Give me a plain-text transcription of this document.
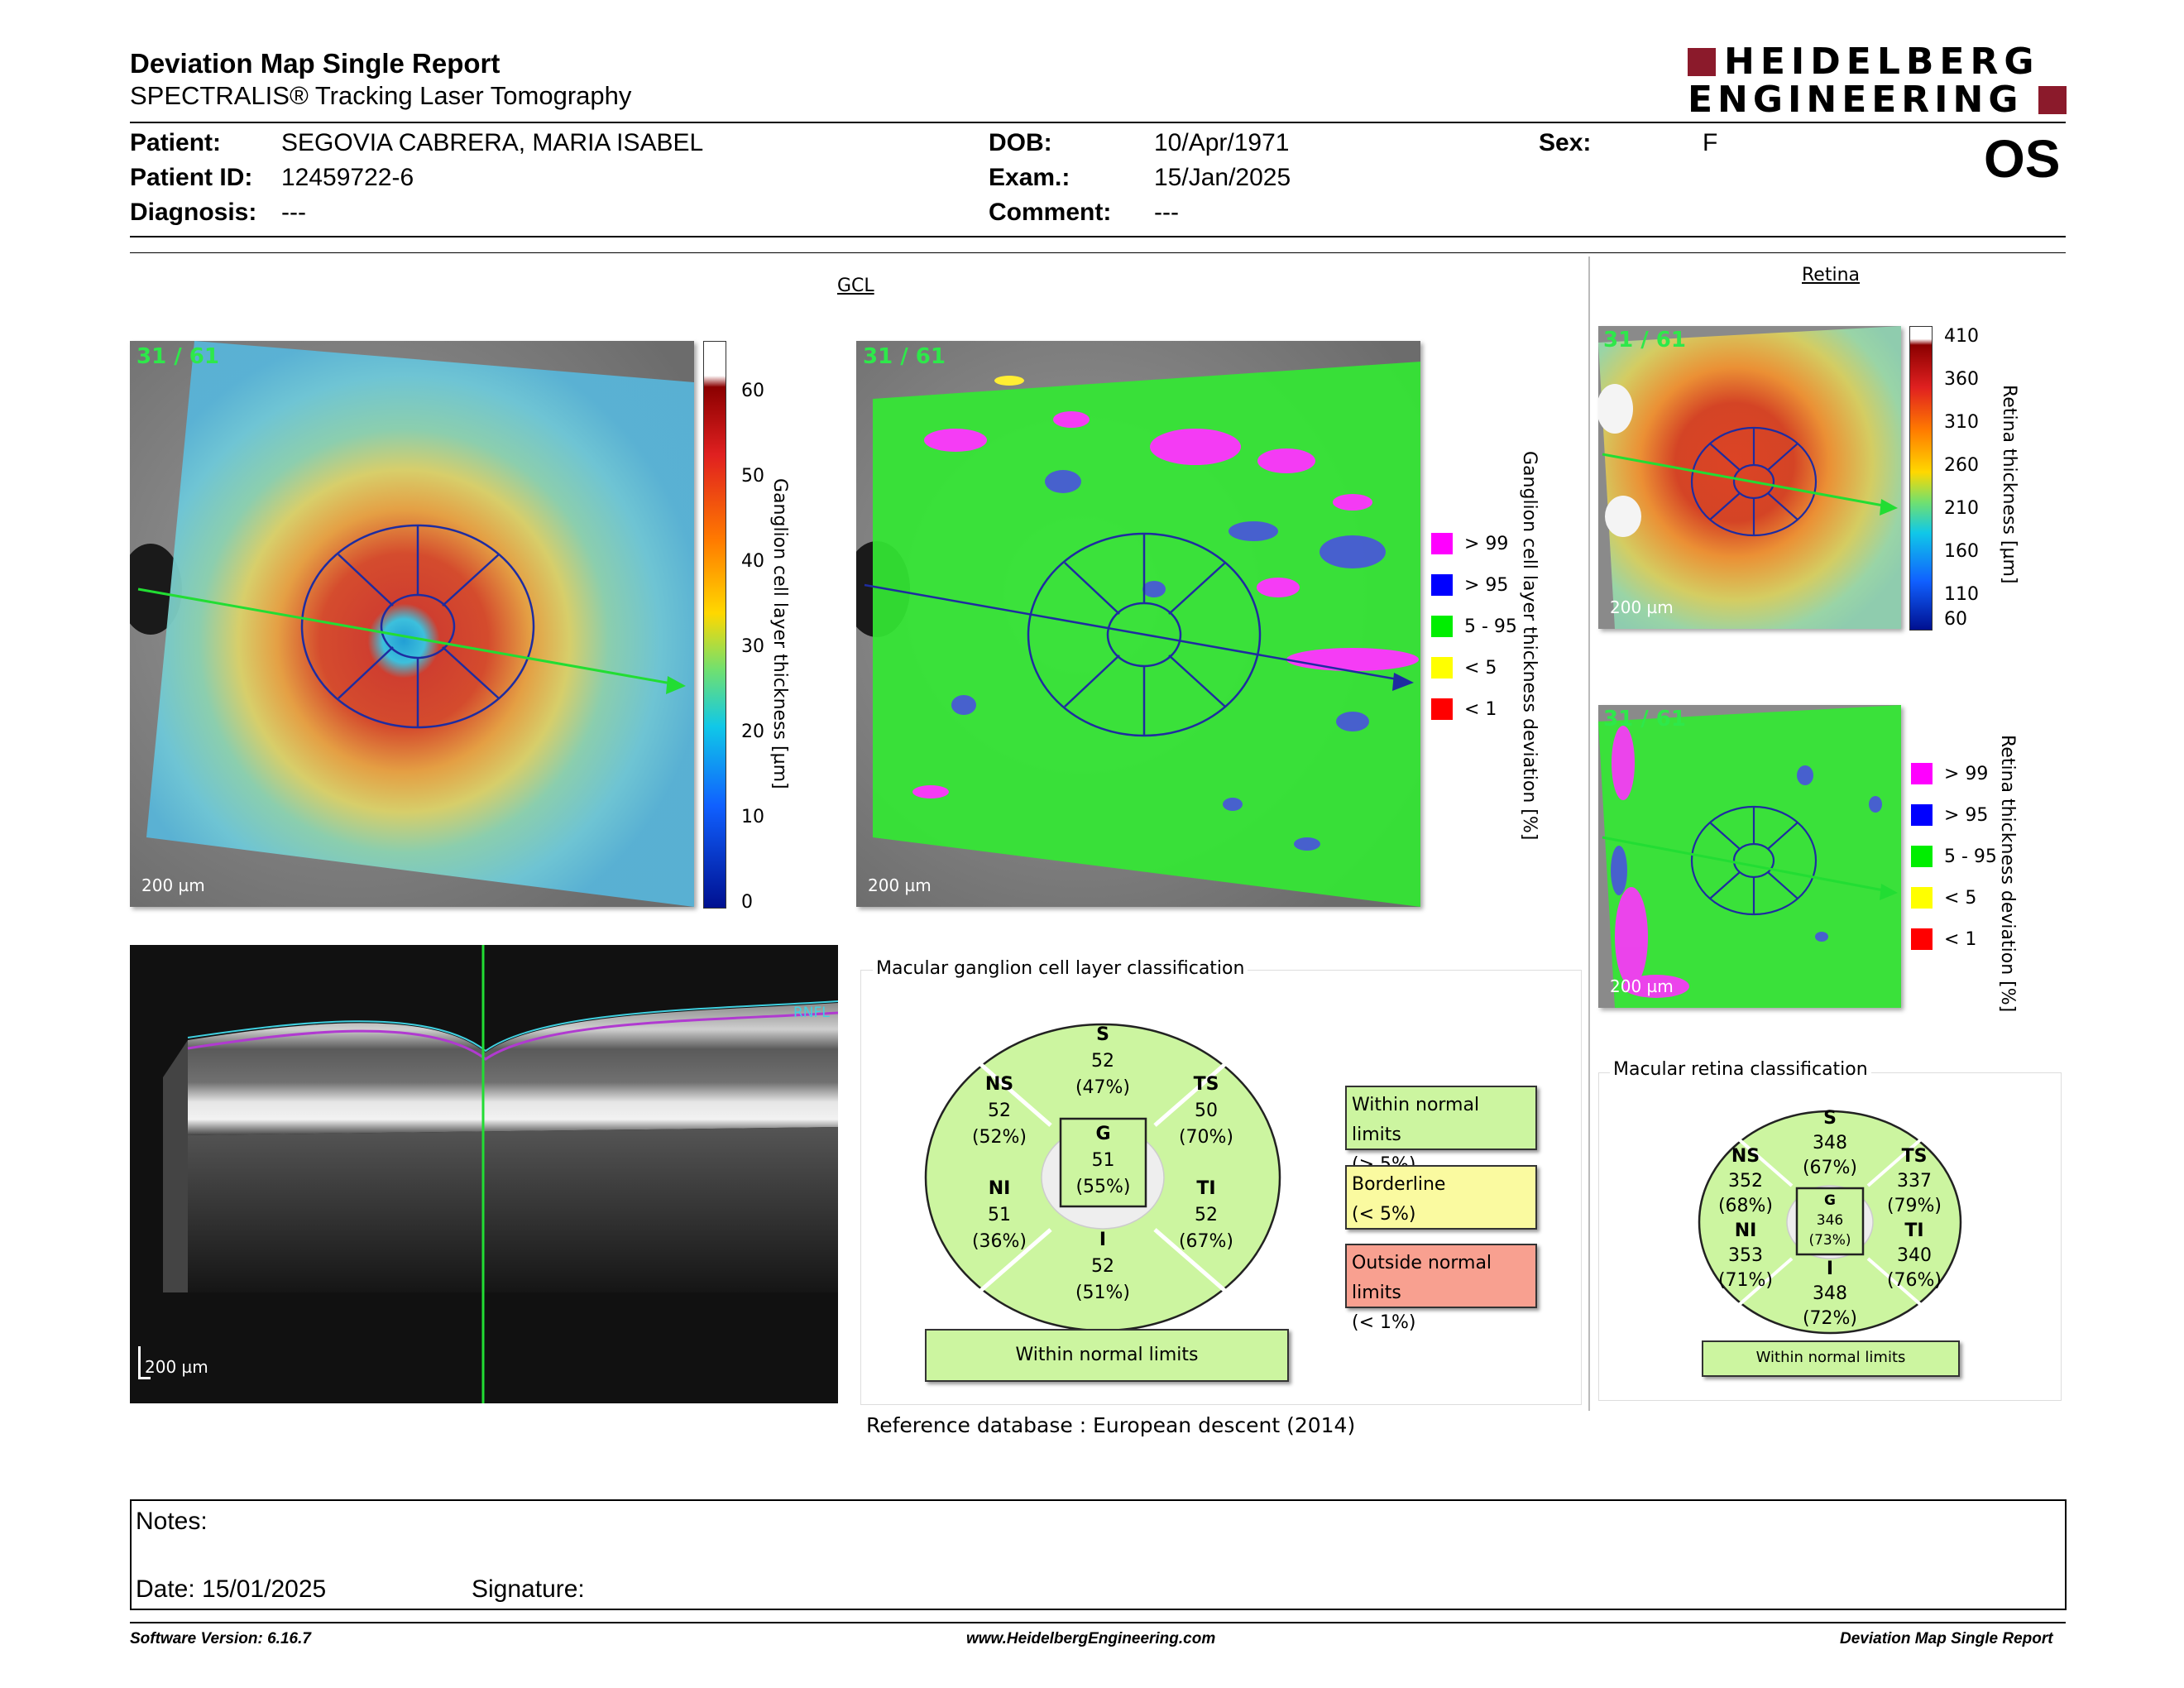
Deviation Map Single Report
SPECTRALIS® Tracking Laser Tomography
HEIDELBERG
ENGINEERING
Patient: SEGOVIA CABRERA, MARIA ISABEL
Patient ID: 12459722-6
Diagnosis: ---
DOB:	10/Apr/1971
Exam.:	15/Jan/2025
Comment: ---
Sex:	F	OS
GCL
31 / 61
200 µm
60
50
40
30
20
10
0
Ganglion cell layer thickness [µm]
31 / 61
200 µm
> 99
> 95
5 - 95
< 5
< 1 Ganglion cell layer thickness deviation [%]
RNFL
200 µm
Macular ganglion cell layer classification
S
52
(47%)
NS
52
(52%)
TS
50
(70%)
G
51
(55%)
NI
51
(36%)
TI
52
(67%)
I
52
(51%)
Within normal limits
Within normal limits
Borderline
(< 5%)
Outside normal limits
(< 1%)
Reference database : European descent (2014)
Retina
31 / 61
200 µm
410
360
310
260
210
160
110
60
Retina thickness [µm]
31 / 61
200 µm
> 99
> 95
5 - 95
< 5
< 1 Retina thickness deviation [%]
Macular retina classification
S
348
(67%)
NS
352
(68%)
TS
337
(79%)
G
346
(73%)
NI
353
(71%)
TI
340
(76%)
I
348
(72%)
Within normal limits
Notes:
Date: 15/01/2025	Signature:
Software Version: 6.16.7	www.HeidelbergEngineering.com	Deviation Map Single Report
